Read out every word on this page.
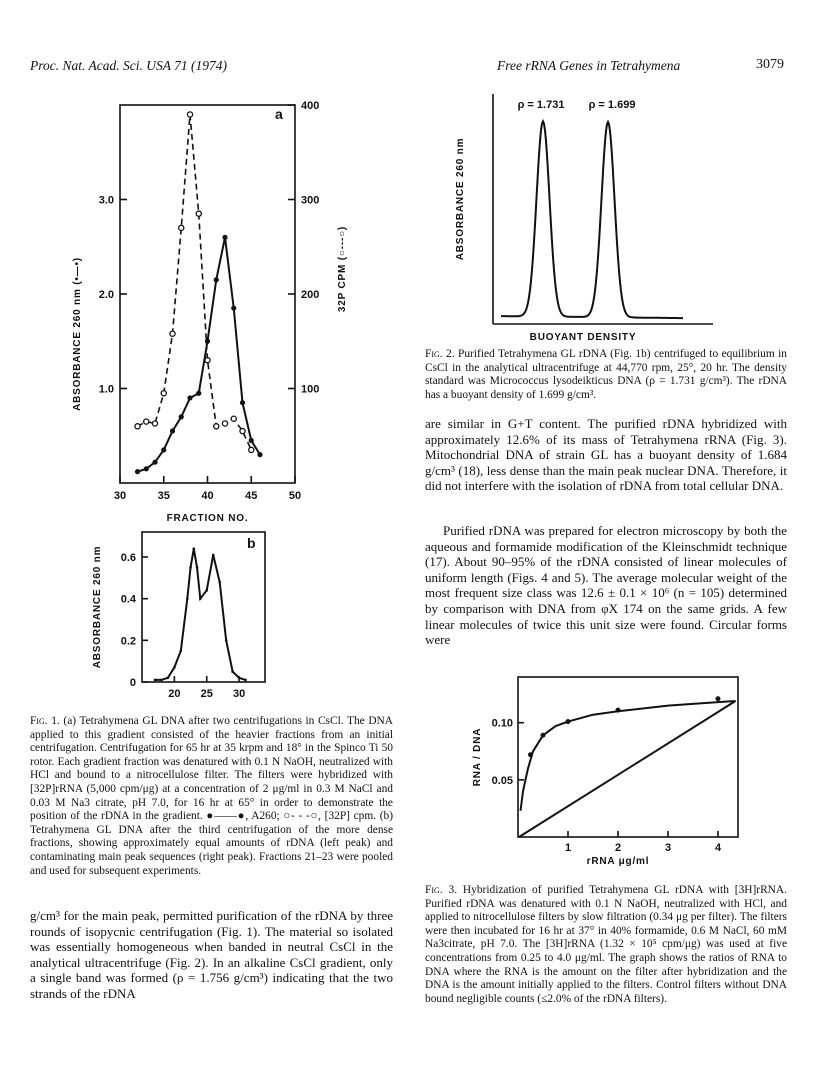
Proc. Nat. Acad. Sci. USA 71 (1974)	Free rRNA Genes in Tetrahymena	3079
30	35	40	45	50
1.0
2.0
3.0
100
200
300
400
a
FRACTION NO.
ABSORBANCE 260 nm (•—•)	32P CPM (○---○)
20 25 30
0
0.2
0.4
0.6
b
ABSORBANCE 260 nm
Fig. 1. (a) Tetrahymena GL DNA after two centrifugations in CsCl. The DNA applied to this gradient consisted of the heavier fractions from an initial centrifugation. Centrifugation for 65 hr at 35 krpm and 18° in the Spinco Ti 50 rotor. Each gradient fraction was denatured with 0.1 N NaOH, neutralized with HCl and bound to a nitrocellulose filter. The filters were hybridized with [32P]rRNA (5,000 cpm/μg) at a concentration of 2 μg/ml in 0.3 M NaCl and 0.03 M Na3 citrate, pH 7.0, for 16 hr at 65° in order to demonstrate the position of the rDNA in the gradient. ●——●, A260; ○- - -○, [32P] cpm. (b) Tetrahymena GL DNA after the third centrifugation of the more dense fractions, showing approximately equal amounts of rDNA (left peak) and contaminating main peak sequences (right peak). Fractions 21–23 were pooled and used for subsequent experiments.
g/cm³ for the main peak, permitted purification of the rDNA by three rounds of isopycnic centrifugation (Fig. 1). The material so isolated was essentially homogeneous when banded in neutral CsCl in the analytical ultracentrifuge (Fig. 2). In an alkaline CsCl gradient, only a single band was formed (ρ = 1.756 g/cm³) indicating that the two strands of the rDNA
ρ = 1.731 ρ = 1.699
BUOYANT DENSITY
ABSORBANCE 260 nm
Fig. 2. Purified Tetrahymena GL rDNA (Fig. 1b) centrifuged to equilibrium in CsCl in the analytical ultracentrifuge at 44,770 rpm, 25°, 20 hr. The density standard was Micrococcus lysodeikticus DNA (ρ = 1.731 g/cm³). The rDNA has a buoyant density of 1.699 g/cm³.
are similar in G+T content. The purified rDNA hybridized with approximately 12.6% of its mass of Tetrahymena rRNA (Fig. 3). Mitochondrial DNA of strain GL has a buoyant density of 1.684 g/cm³ (18), less dense than the main peak nuclear DNA. Therefore, it did not interfere with the isolation of rDNA from total cellular DNA.
Purified rDNA was prepared for electron microscopy by both the aqueous and formamide modification of the Kleinschmidt technique (17). About 90–95% of the rDNA consisted of linear molecules of uniform length (Figs. 4 and 5). The average molecular weight of the most frequent size class was 12.6 ± 0.1 × 10⁶ (n = 105) determined by comparison with DNA from φX 174 on the same grids. A few linear molecules of twice this unit size were found. Circular forms were
1	2	3	4
0.05
0.10
rRNA μg/ml
RNA / DNA
Fig. 3. Hybridization of purified Tetrahymena GL rDNA with [3H]rRNA. Purified rDNA was denatured with 0.1 N NaOH, neutralized with HCl, and applied to nitrocellulose filters by slow filtration (0.34 μg per filter). The filters were then incubated for 16 hr at 37° in 40% formamide, 0.6 M NaCl, 60 mM Na3citrate, pH 7.0. The [3H]rRNA (1.32 × 10⁵ cpm/μg) was used at five concentrations from 0.25 to 4.0 μg/ml. The graph shows the ratios of RNA to DNA where the RNA is the amount on the filter after hybridization and the DNA is the amount initially applied to the filters. Control filters without DNA bound negligible counts (≤2.0% of the rDNA filters).
